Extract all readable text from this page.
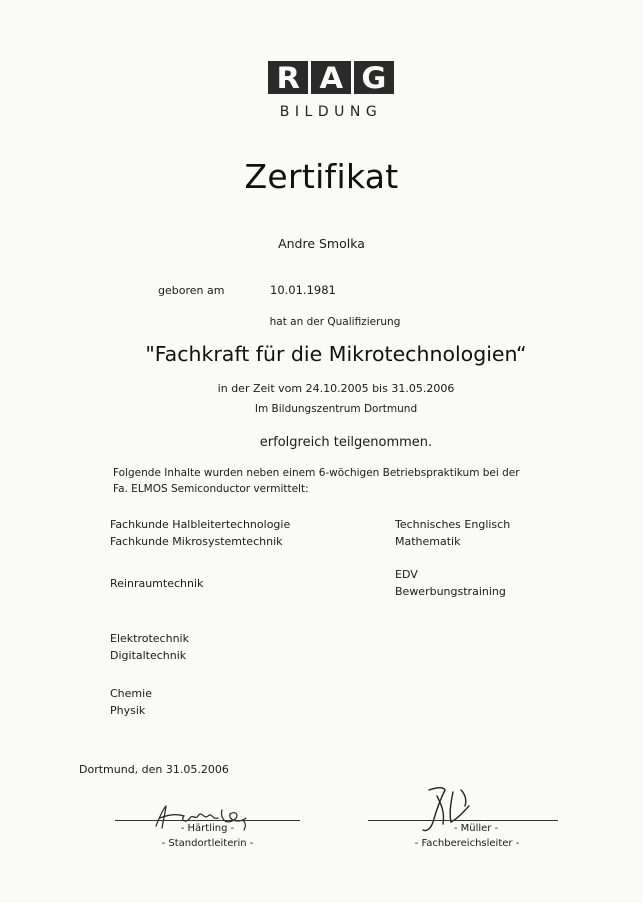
R A G
BILDUNG
Zertifikat
Andre Smolka
geboren am	10.01.1981
hat an der Qualifizierung
"Fachkraft für die Mikrotechnologien“
in der Zeit vom 24.10.2005 bis 31.05.2006
Im Bildungszentrum Dortmund
erfolgreich teilgenommen.
Folgende Inhalte wurden neben einem 6-wöchigen Betriebspraktikum bei der
Fa. ELMOS Semiconductor vermittelt:
Fachkunde Halbleitertechnologie
Fachkunde Mikrosystemtechnik
Reinraumtechnik
Elektrotechnik
Digitaltechnik
Chemie
Physik
Technisches Englisch
Mathematik
EDV
Bewerbungstraining
Dortmund, den 31.05.2006
- Härtling -
- Standortleiterin -
- Müller -
- Fachbereichsleiter -
